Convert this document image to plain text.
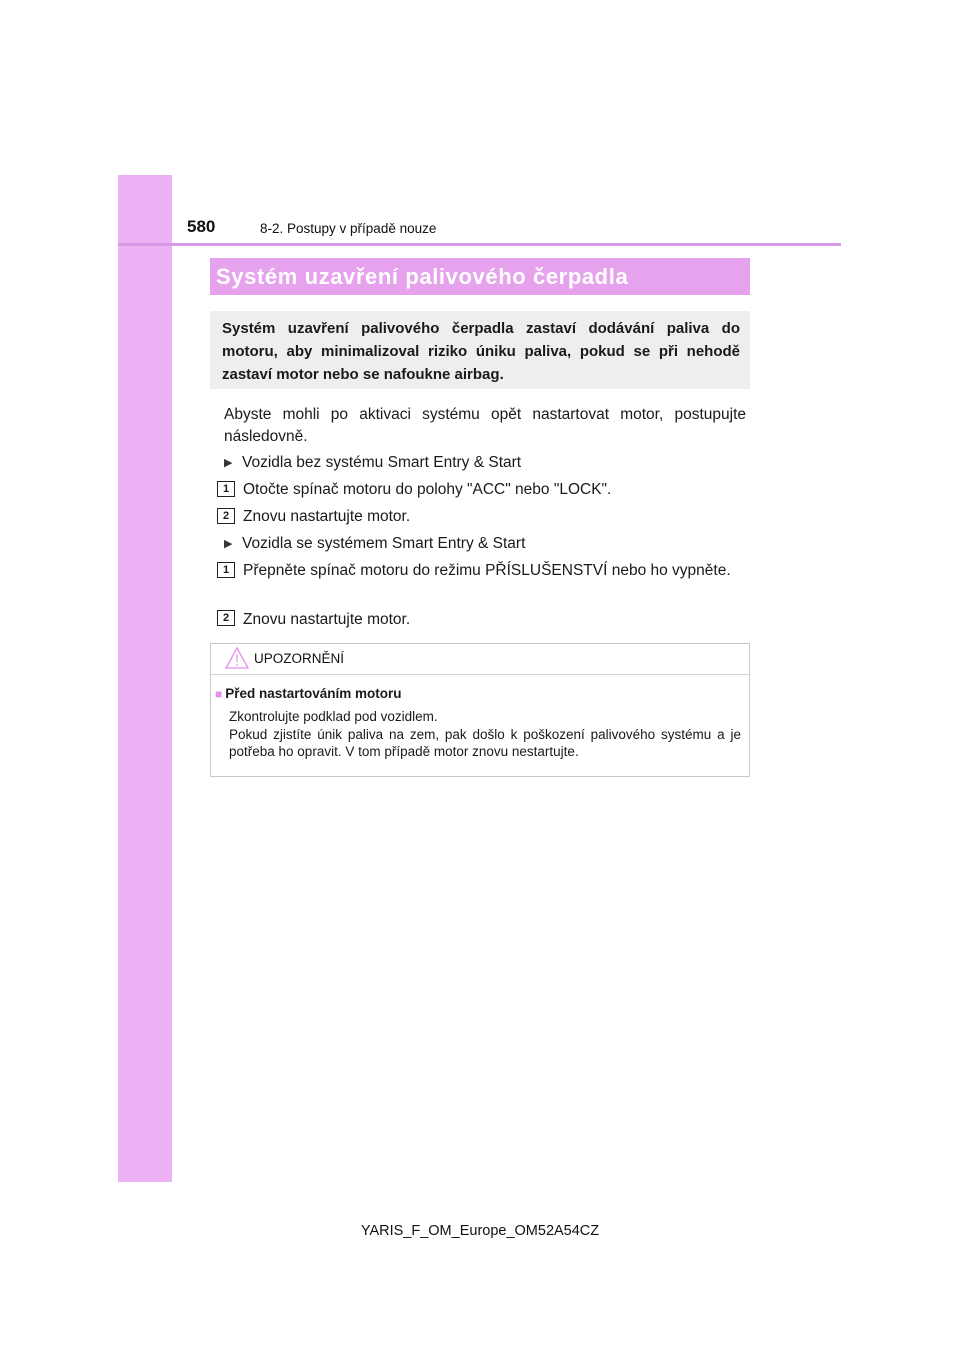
580	8-2. Postupy v případě nouze
Systém uzavření palivového čerpadla
Systém uzavření palivového čerpadla zastaví dodávání paliva do motoru, aby minimalizoval riziko úniku paliva, pokud se při nehodě zastaví motor nebo se nafoukne airbag.
Abyste mohli po aktivaci systému opět nastartovat motor, postupujte následovně.
▶ Vozidla bez systému Smart Entry & Start
1 Otočte spínač motoru do polohy "ACC" nebo "LOCK".
2 Znovu nastartujte motor.
▶ Vozidla se systémem Smart Entry & Start
1 Přepněte spínač motoru do režimu PŘÍSLUŠENSTVÍ nebo ho vypněte.
2 Znovu nastartujte motor.
UPOZORNĚNÍ
■ Před nastartováním motoru
Zkontrolujte podklad pod vozidlem.
Pokud zjistíte únik paliva na zem, pak došlo k poškození palivového systému a je potřeba ho opravit. V tom případě motor znovu nestartujte.
YARIS_F_OM_Europe_OM52A54CZ
